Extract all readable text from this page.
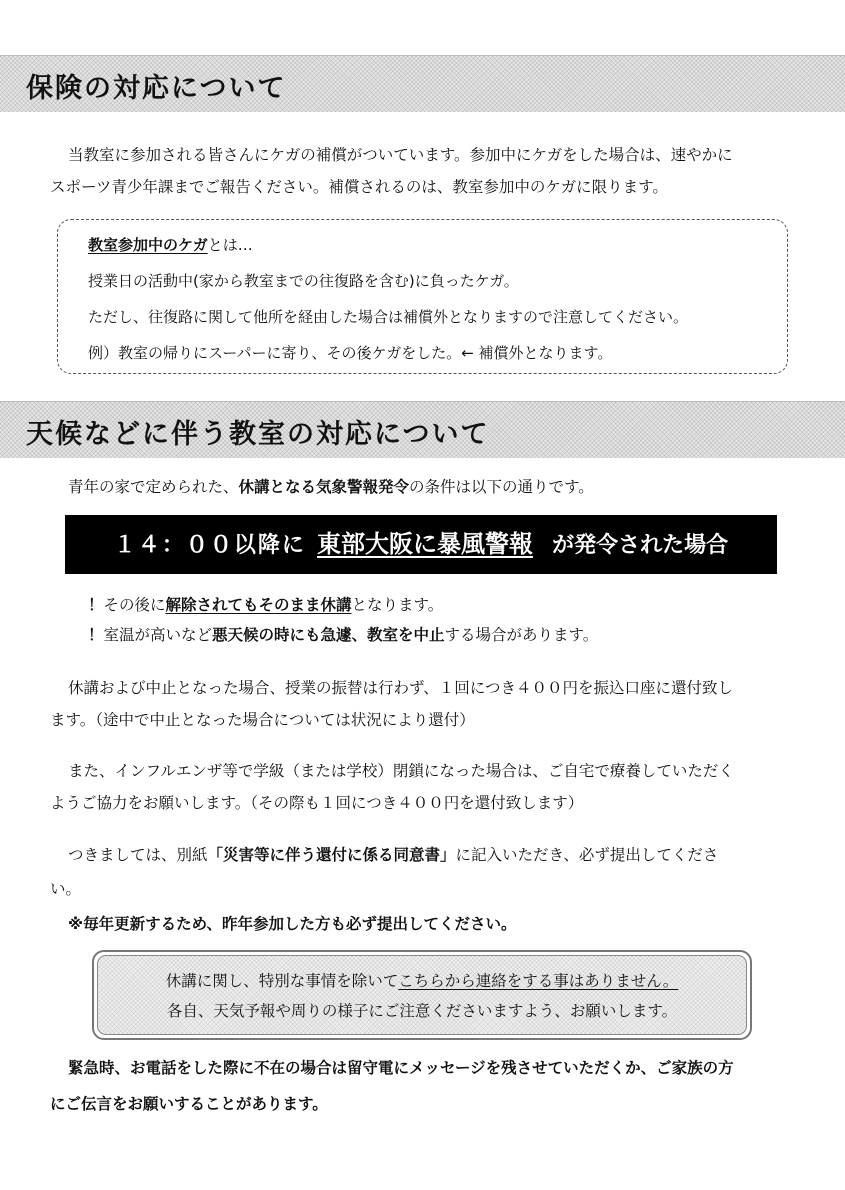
保険の対応について
当教室に参加される皆さんにケガの補償がついています。参加中にケガをした場合は、速やかに
スポーツ青少年課までご報告ください。補償されるのは、教室参加中のケガに限ります。
教室参加中のケガとは…
授業日の活動中(家から教室までの往復路を含む)に負ったケガ。
ただし、往復路に関して他所を経由した場合は補償外となりますので注意してください。
例）教室の帰りにスーパーに寄り、その後ケガをした。← 補償外となります。
天候などに伴う教室の対応について
青年の家で定められた、休講となる気象警報発令の条件は以下の通りです。
１４：００以降に 東部大阪に暴風警報 が発令された場合
！その後に解除されてもそのまま休講となります。
！室温が高いなど悪天候の時にも急遽、教室を中止する場合があります。
休講および中止となった場合、授業の振替は行わず、１回につき４００円を振込口座に還付致し
ます。（途中で中止となった場合については状況により還付）
また、インフルエンザ等で学級（または学校）閉鎖になった場合は、ご自宅で療養していただく
ようご協力をお願いします。（その際も１回につき４００円を還付致します）
つきましては、別紙「災害等に伴う還付に係る同意書」に記入いただき、必ず提出してくださ
い。
※毎年更新するため、昨年参加した方も必ず提出してください。
休講に関し、特別な事情を除いてこちらから連絡をする事はありません。
各自、天気予報や周りの様子にご注意くださいますよう、お願いします。
緊急時、お電話をした際に不在の場合は留守電にメッセージを残させていただくか、ご家族の方
にご伝言をお願いすることがあります。
